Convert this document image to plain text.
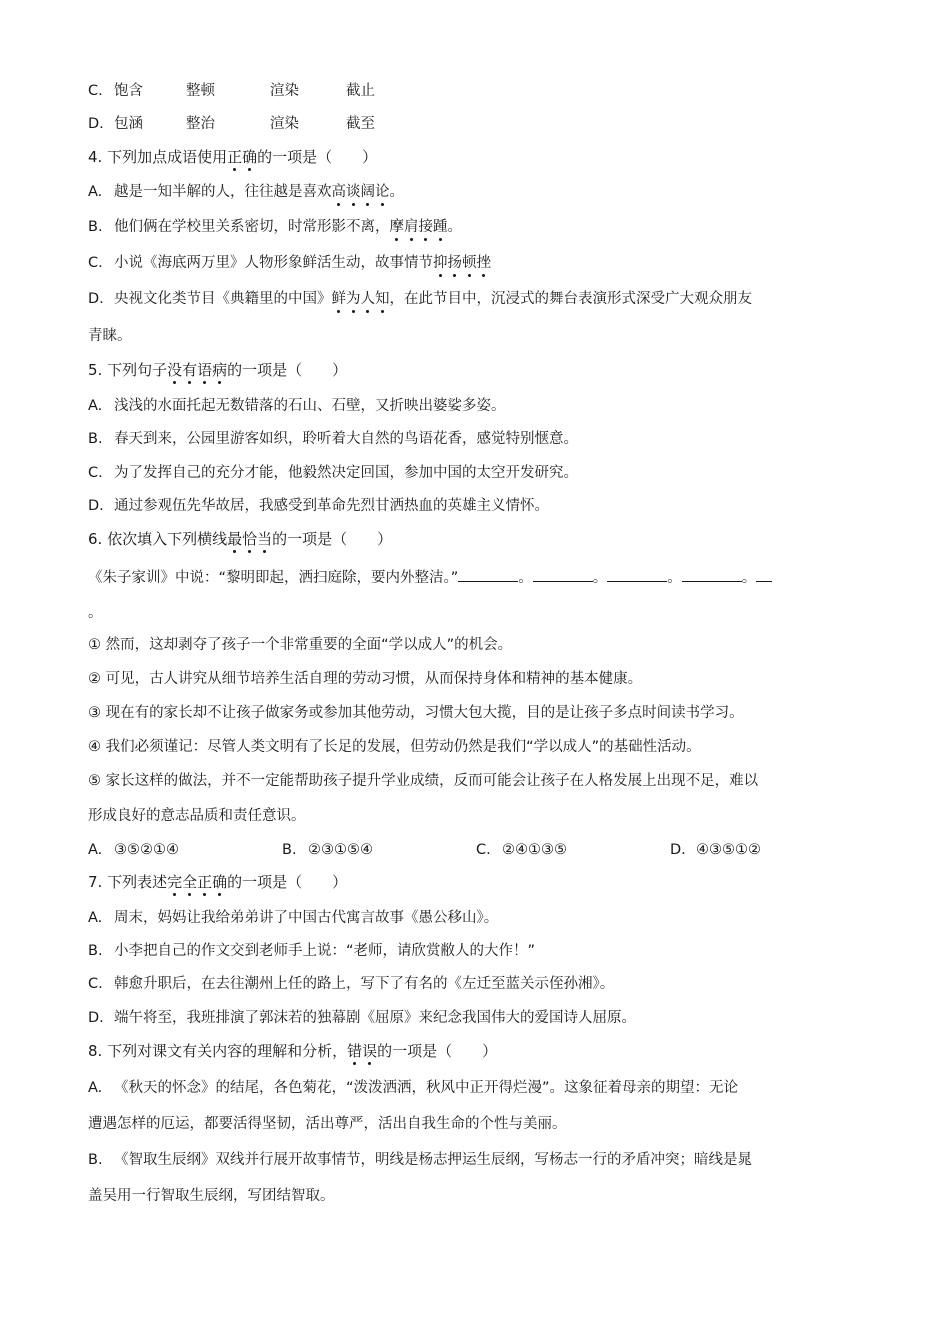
C. 饱含	整顿	渲染	截止
D. 包涵	整治	渲染	截至
4. 下列加点成语使用正确的一项是（　　）
A. 越是一知半解的人，往往越是喜欢高谈阔论。
B. 他们俩在学校里关系密切，时常形影不离，摩肩接踵。
C. 小说《海底两万里》人物形象鲜活生动，故事情节抑扬顿挫
D. 央视文化类节目《典籍里的中国》鲜为人知，在此节目中，沉浸式的舞台表演形式深受广大观众朋友
青睐。
5. 下列句子没有语病的一项是（　　）
A. 浅浅的水面托起无数错落的石山、石壁，又折映出婆娑多姿。
B. 春天到来，公园里游客如织，聆听着大自然的鸟语花香，感觉特别惬意。
C. 为了发挥自己的充分才能，他毅然决定回国，参加中国的太空开发研究。
D. 通过参观伍先华故居，我感受到革命先烈甘洒热血的英雄主义情怀。
6. 依次填入下列横线最恰当的一项是（　　）
《朱子家训》中说：“黎明即起，洒扫庭除，要内外整洁。”	。	。	。	。
。
① 然而，这却剥夺了孩子一个非常重要的全面“学以成人”的机会。
② 可见，古人讲究从细节培养生活自理的劳动习惯，从而保持身体和精神的基本健康。
③ 现在有的家长却不让孩子做家务或参加其他劳动，习惯大包大揽，目的是让孩子多点时间读书学习。
④ 我们必须谨记：尽管人类文明有了长足的发展，但劳动仍然是我们“学以成人”的基础性活动。
⑤ 家长这样的做法，并不一定能帮助孩子提升学业成绩，反而可能会让孩子在人格发展上出现不足，难以
形成良好的意志品质和责任意识。
A. ③⑤②①④	B. ②③①⑤④	C. ②④①③⑤	D. ④③⑤①②
7. 下列表述完全正确的一项是（　　）
A. 周末，妈妈让我给弟弟讲了中国古代寓言故事《愚公移山》。
B. 小李把自己的作文交到老师手上说：“老师，请欣赏敝人的大作！”
C. 韩愈升职后，在去往潮州上任的路上，写下了有名的《左迁至蓝关示侄孙湘》。
D. 端午将至，我班排演了郭沫若的独幕剧《屈原》来纪念我国伟大的爱国诗人屈原。
8. 下列对课文有关内容的理解和分析，错误的一项是（　　）
A. 《秋天的怀念》的结尾，各色菊花，“泼泼洒洒，秋风中正开得烂漫”。这象征着母亲的期望：无论
遭遇怎样的厄运，都要活得坚韧，活出尊严，活出自我生命的个性与美丽。
B. 《智取生辰纲》双线并行展开故事情节，明线是杨志押运生辰纲，写杨志一行的矛盾冲突；暗线是晁
盖吴用一行智取生辰纲，写团结智取。
